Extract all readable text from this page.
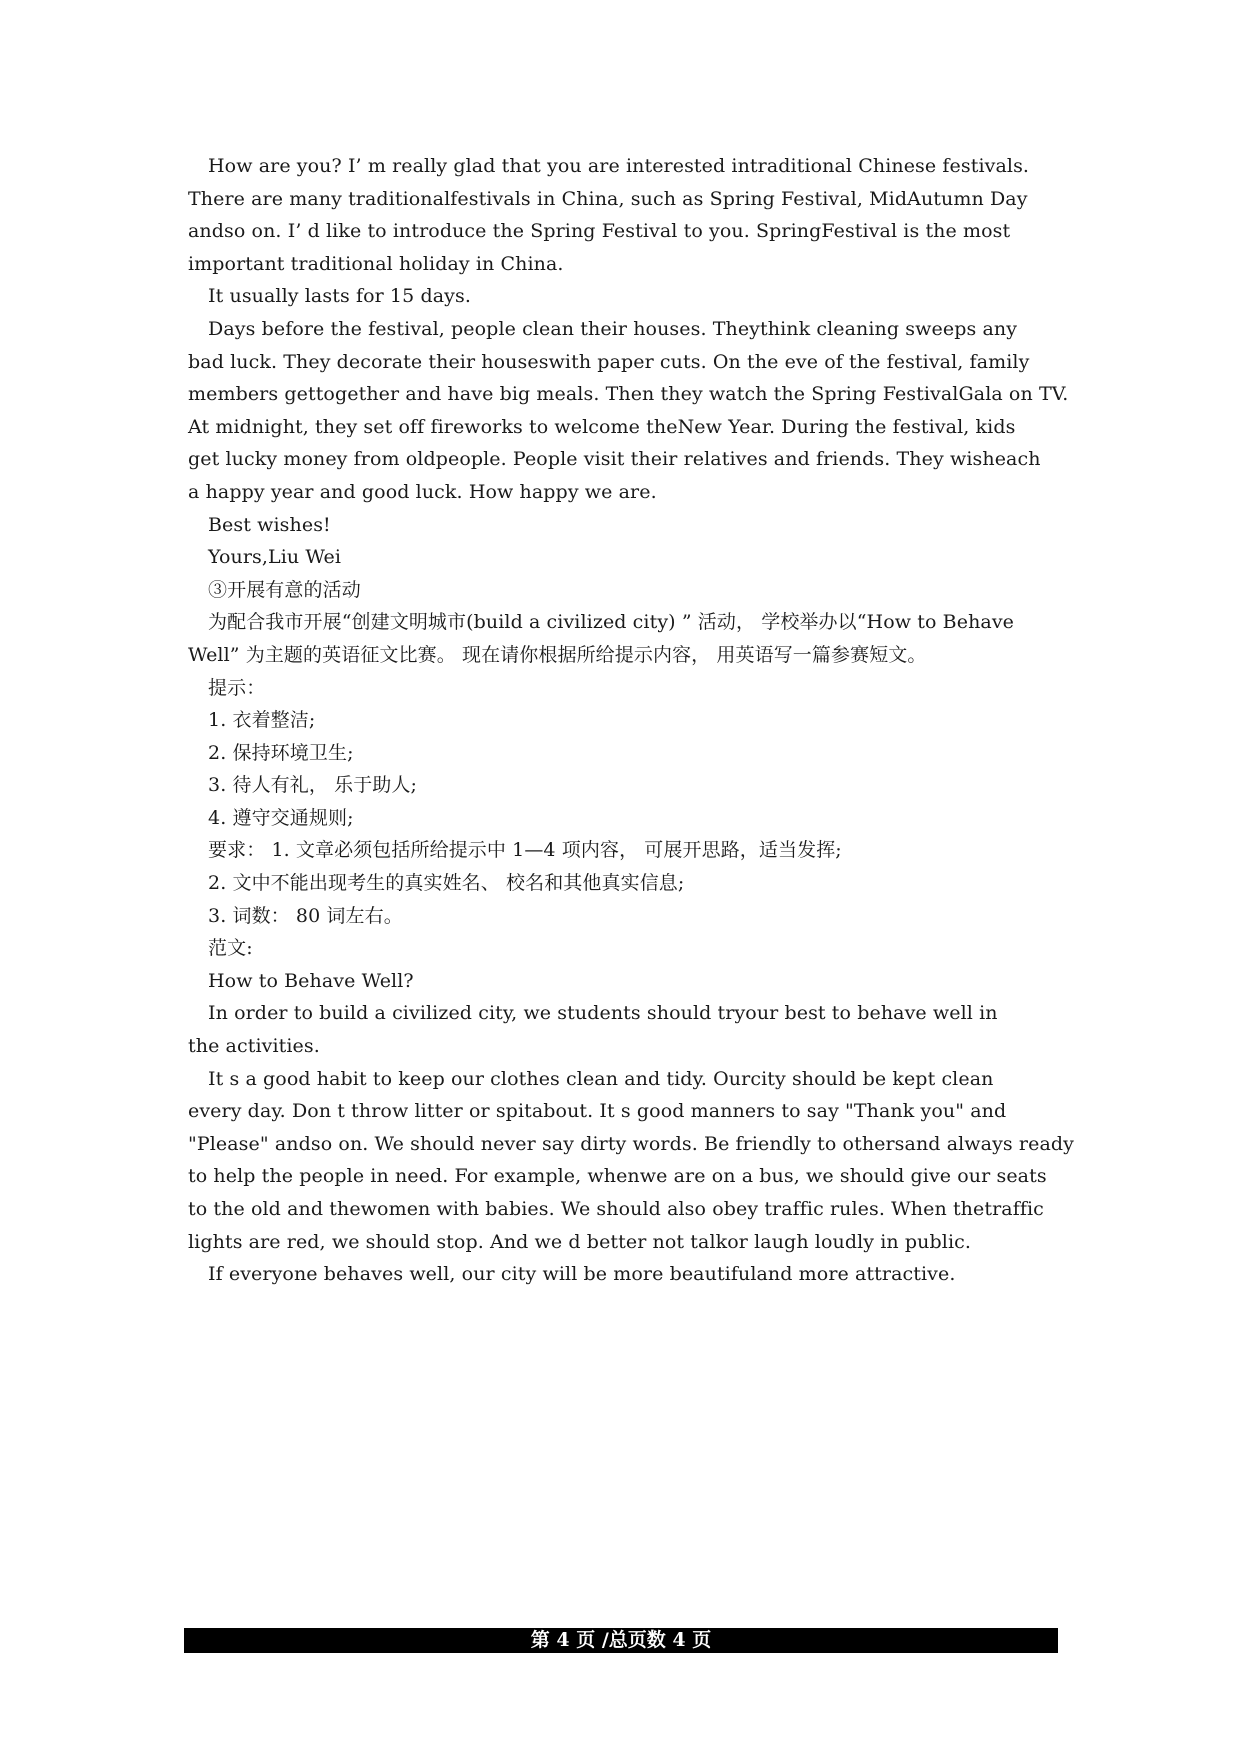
How are you? I’ m really glad that you are interested intraditional Chinese festivals.
There are many traditionalfestivals in China, such as Spring Festival, MidAutumn Day
andso on. I’ d like to introduce the Spring Festival to you. SpringFestival is the most
important traditional holiday in China.
It usually lasts for 15 days.
Days before the festival, people clean their houses. Theythink cleaning sweeps any
bad luck. They decorate their houseswith paper cuts. On the eve of the festival, family
members gettogether and have big meals. Then they watch the Spring FestivalGala on TV.
At midnight, they set off fireworks to welcome theNew Year. During the festival, kids
get lucky money from oldpeople. People visit their relatives and friends. They wisheach
a happy year and good luck. How happy we are.
Best wishes!
Yours,Liu Wei
③开展有意的活动
为配合我市开展“创建文明城市(build a civilized city) ” 活动， 学校举办以“How to Behave
Well” 为主题的英语征文比赛。 现在请你根据所给提示内容， 用英语写一篇参赛短文。
提示：
1. 衣着整洁;
2. 保持环境卫生;
3. 待人有礼， 乐于助人;
4. 遵守交通规则;
要求： 1. 文章必须包括所给提示中 1—4 项内容， 可展开思路，适当发挥;
2. 文中不能出现考生的真实姓名、 校名和其他真实信息;
3. 词数： 80 词左右。
范文:
How to Behave Well?
In order to build a civilized city, we students should tryour best to behave well in
the activities.
It s a good habit to keep our clothes clean and tidy. Ourcity should be kept clean
every day. Don t throw litter or spitabout. It s good manners to say "Thank you" and
"Please" andso on. We should never say dirty words. Be friendly to othersand always ready
to help the people in need. For example, whenwe are on a bus, we should give our seats
to the old and thewomen with babies. We should also obey traffic rules. When thetraffic
lights are red, we should stop. And we d better not talkor laugh loudly in public.
If everyone behaves well, our city will be more beautifuland more attractive.
第 4 页 /总页数 4 页
